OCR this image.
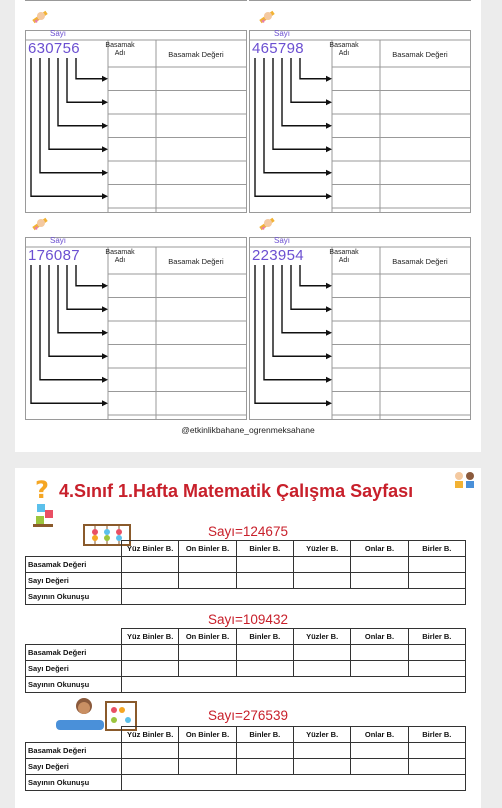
Sayı
630756	Basamak
Adı	Basamak Değeri
Sayı
465798	Basamak
Adı	Basamak Değeri
Sayı
176087	Basamak
Adı	Basamak Değeri
Sayı
223954	Basamak
Adı	Basamak Değeri
@etkinlikbahane_ogrenmeksahane
? 4.Sınıf 1.Hafta Matematik Çalışma Sayfası
Sayı=124675
	Yüz Binler B.	On Binler B.	Binler B.	Yüzler B.	Onlar B.	Birler B.
Basamak Değeri						
Sayı Değeri						
Sayının Okunuşu						
Sayı=109432
	Yüz Binler B.	On Binler B.	Binler B.	Yüzler B.	Onlar B.	Birler B.
Basamak Değeri						
Sayı Değeri						
Sayının Okunuşu						
Sayı=276539
	Yüz Binler B.	On Binler B.	Binler B.	Yüzler B.	Onlar B.	Birler B.
Basamak Değeri						
Sayı Değeri						
Sayının Okunuşu						
